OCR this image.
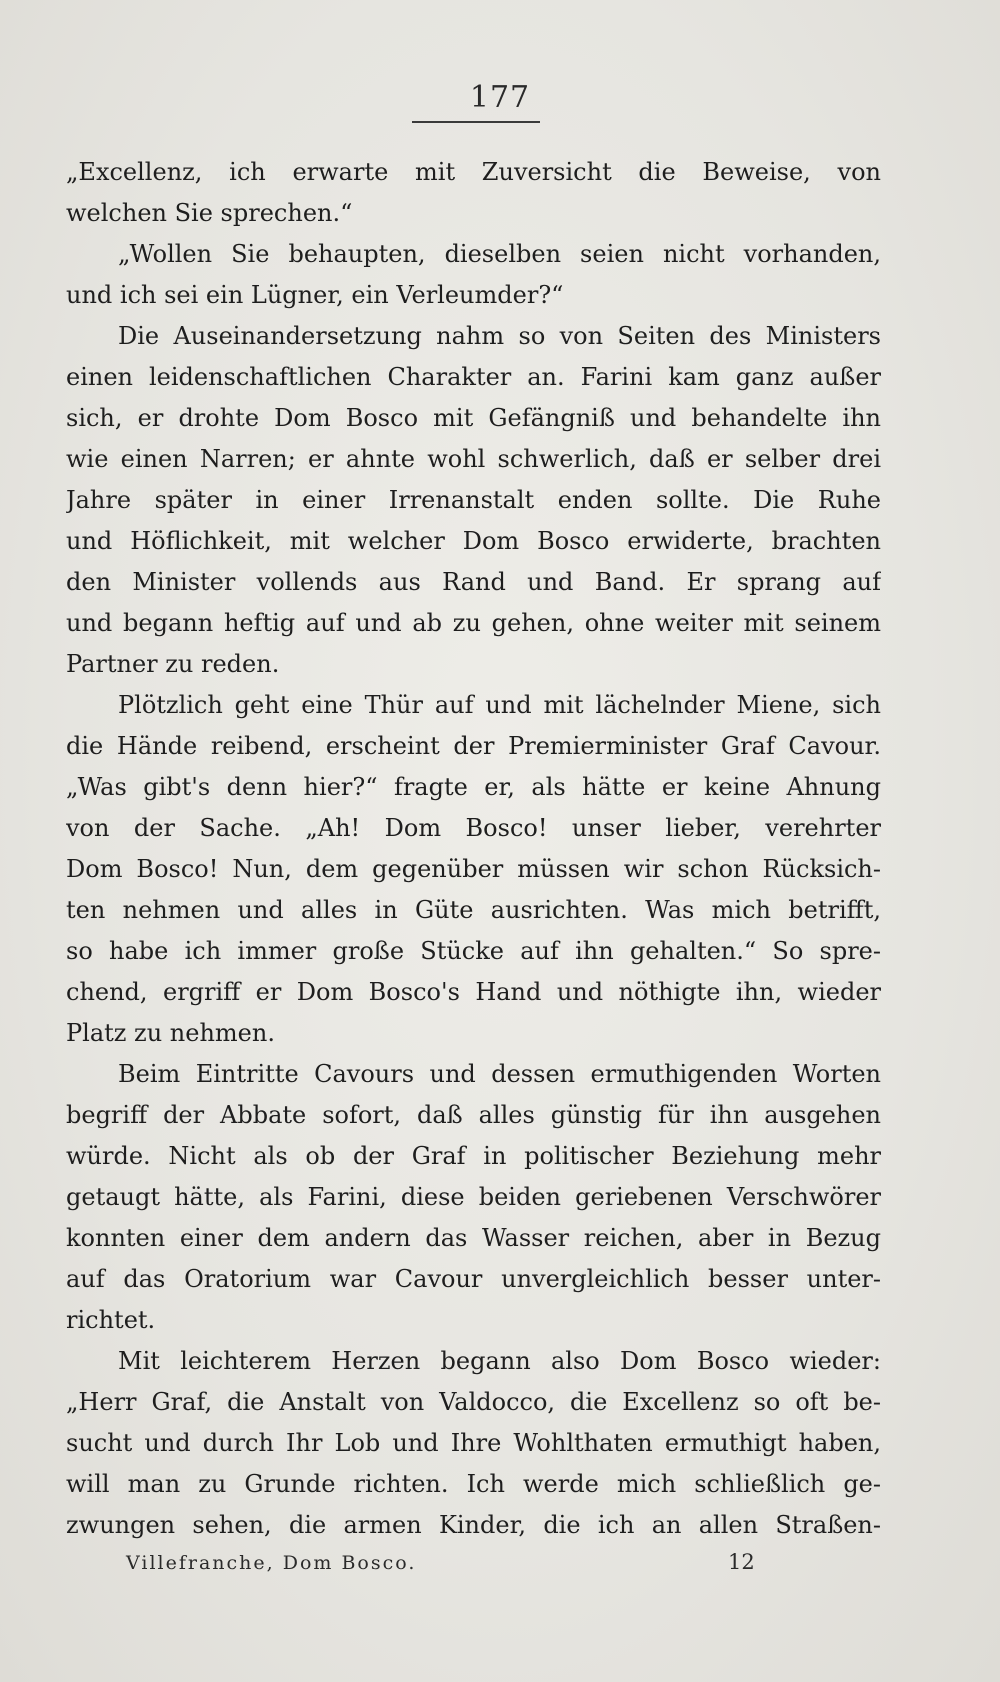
177
„Excellenz, ich erwarte mit Zuversicht die Beweise, von
welchen Sie sprechen.“
„Wollen Sie behaupten, dieselben seien nicht vorhanden,
und ich sei ein Lügner, ein Verleumder?“
Die Auseinandersetzung nahm so von Seiten des Ministers
einen leidenschaftlichen Charakter an. Farini kam ganz außer
sich, er drohte Dom Bosco mit Gefängniß und behandelte ihn
wie einen Narren; er ahnte wohl schwerlich, daß er selber drei
Jahre später in einer Irrenanstalt enden sollte. Die Ruhe
und Höflichkeit, mit welcher Dom Bosco erwiderte, brachten
den Minister vollends aus Rand und Band. Er sprang auf
und begann heftig auf und ab zu gehen, ohne weiter mit seinem
Partner zu reden.
Plötzlich geht eine Thür auf und mit lächelnder Miene, sich
die Hände reibend, erscheint der Premierminister Graf Cavour.
„Was gibt's denn hier?“ fragte er, als hätte er keine Ahnung
von der Sache. „Ah! Dom Bosco! unser lieber, verehrter
Dom Bosco! Nun, dem gegenüber müssen wir schon Rücksich-
ten nehmen und alles in Güte ausrichten. Was mich betrifft,
so habe ich immer große Stücke auf ihn gehalten.“ So spre-
chend, ergriff er Dom Bosco's Hand und nöthigte ihn, wieder
Platz zu nehmen.
Beim Eintritte Cavours und dessen ermuthigenden Worten
begriff der Abbate sofort, daß alles günstig für ihn ausgehen
würde. Nicht als ob der Graf in politischer Beziehung mehr
getaugt hätte, als Farini, diese beiden geriebenen Verschwörer
konnten einer dem andern das Wasser reichen, aber in Bezug
auf das Oratorium war Cavour unvergleichlich besser unter-
richtet.
Mit leichterem Herzen begann also Dom Bosco wieder:
„Herr Graf, die Anstalt von Valdocco, die Excellenz so oft be-
sucht und durch Ihr Lob und Ihre Wohlthaten ermuthigt haben,
will man zu Grunde richten. Ich werde mich schließlich ge-
zwungen sehen, die armen Kinder, die ich an allen Straßen-
Villefranche, Dom Bosco.	12
